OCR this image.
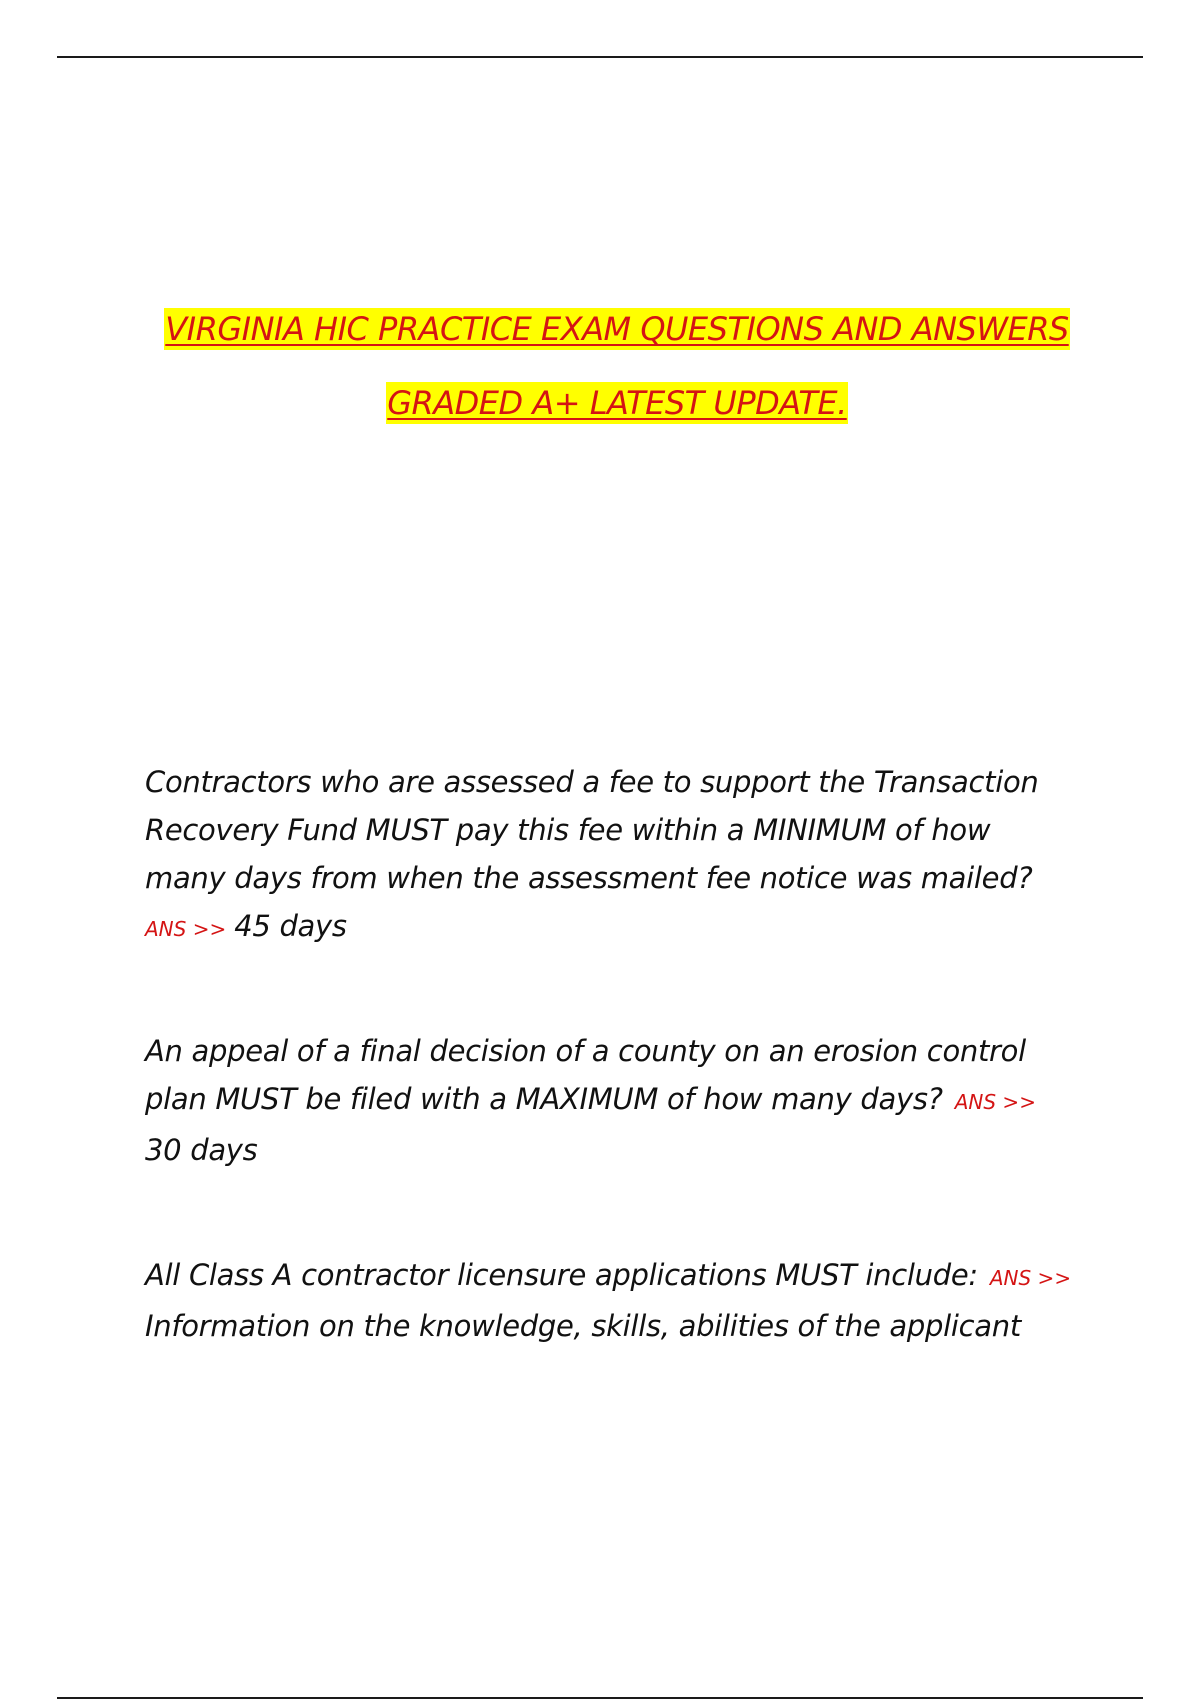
VIRGINIA HIC PRACTICE EXAM QUESTIONS AND ANSWERS
GRADED A+ LATEST UPDATE.
Contractors who are assessed a fee to support the Transaction
Recovery Fund MUST pay this fee within a MINIMUM of how
many days from when the assessment fee notice was mailed?
ANS >> 45 days
An appeal of a final decision of a county on an erosion control
plan MUST be filed with a MAXIMUM of how many days? ANS >>
30 days
All Class A contractor licensure applications MUST include: ANS >>
Information on the knowledge, skills, abilities of the applicant
